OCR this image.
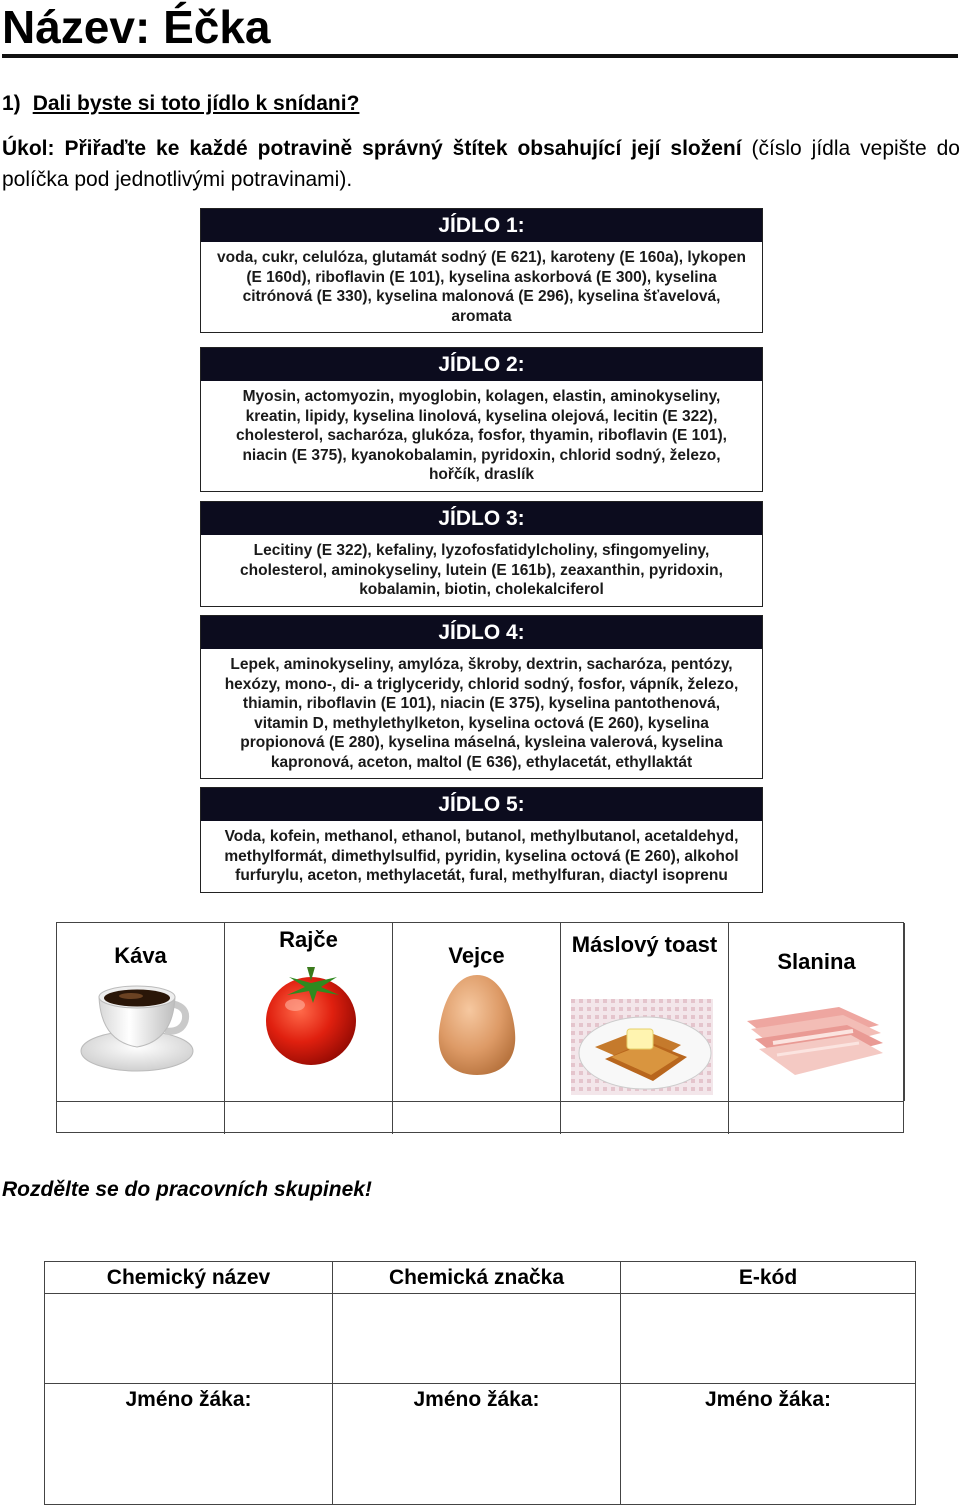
Název: Éčka
1) Dali byste si toto jídlo k snídani?
Úkol: Přiřaďte ke každé potravině správný štítek obsahující její složení (číslo jídla vepište do políčka pod jednotlivými potravinami).
JÍDLO 1:
voda, cukr, celulóza, glutamát sodný (E 621), karoteny (E 160a), lykopen (E 160d), riboflavin (E 101), kyselina askorbová (E 300), kyselina citrónová (E 330), kyselina malonová (E 296), kyselina šťavelová, aromata
JÍDLO 2:
Myosin, actomyozin, myoglobin, kolagen, elastin, aminokyseliny, kreatin, lipidy, kyselina linolová, kyselina olejová, lecitin (E 322), cholesterol, sacharóza, glukóza, fosfor, thyamin, riboflavin (E 101), niacin (E 375), kyanokobalamin, pyridoxin, chlorid sodný, železo, hořčík, draslík
JÍDLO 3:
Lecitiny (E 322), kefaliny, lyzofosfatidylcholiny, sfingomyeliny, cholesterol, aminokyseliny, lutein (E 161b), zeaxanthin, pyridoxin, kobalamin, biotin, cholekalciferol
JÍDLO 4:
Lepek, aminokyseliny, amylóza, škroby, dextrin, sacharóza, pentózy, hexózy, mono-, di- a triglyceridy, chlorid sodný, fosfor, vápník, železo, thiamin, riboflavin (E 101), niacin (E 375), kyselina pantothenová, vitamin D, methylethylketon, kyselina octová (E 260), kyselina propionová (E 280), kyselina máselná, kysleina valerová, kyselina kapronová, aceton, maltol (E 636), ethylacetát, ethyllaktát
JÍDLO 5:
Voda, kofein, methanol, ethanol, butanol, methylbutanol, acetaldehyd, methylformát, dimethylsulfid, pyridin, kyselina octová (E 260), alkohol furfurylu, aceton, methylacetát, fural, methylfuran, diactyl isoprenu
Káva
Rajče
Vejce	Máslový toast
Slanina
Rozdělte se do pracovních skupinek!
Chemický název
Jméno žáka:
Chemická značka
Jméno žáka:
E-kód
Jméno žáka:
